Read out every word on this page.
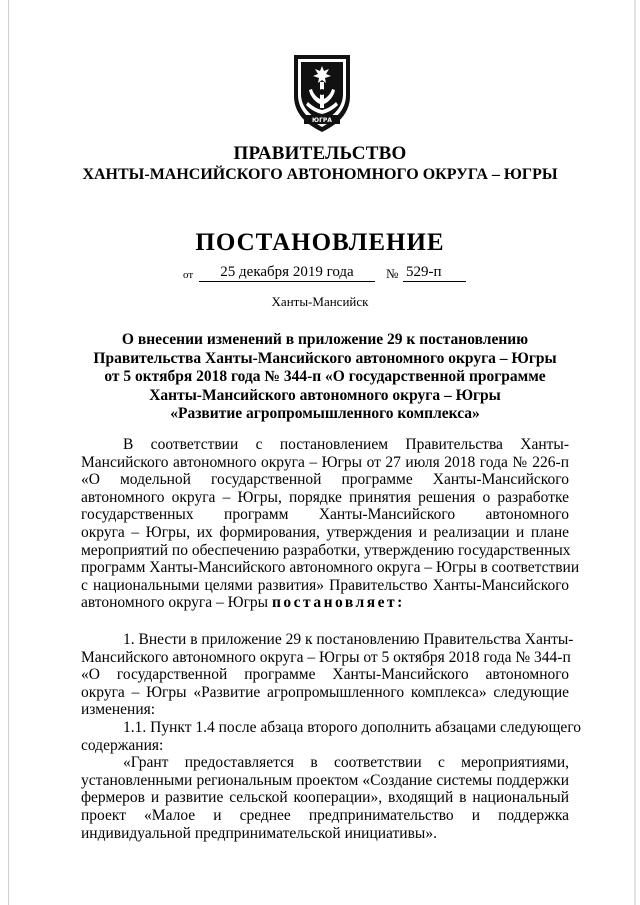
ЮГРА
ПРАВИТЕЛЬСТВО
ХАНТЫ-МАНСИЙСКОГО АВТОНОМНОГО ОКРУГА – ЮГРЫ
ПОСТАНОВЛЕНИЕ
от	25 декабря 2019 года	№ 529-п
Ханты-Мансийск
О внесении изменений в приложение 29 к постановлению
Правительства Ханты-Мансийского автономного округа – Югры
от 5 октября 2018 года № 344-п «О государственной программе
Ханты-Мансийского автономного округа – Югры
«Развитие агропромышленного комплекса»
В соответствии с постановлением Правительства Ханты-
Мансийского автономного округа – Югры от 27 июля 2018 года № 226-п
«О модельной государственной программе Ханты-Мансийского
автономного округа – Югры, порядке принятия решения о разработке
государственных программ Ханты-Мансийского автономного
округа – Югры, их формирования, утверждения и реализации и плане
мероприятий по обеспечению разработки, утверждению государственных
программ Ханты-Мансийского автономного округа – Югры в соответствии
с национальными целями развития» Правительство Ханты-Мансийского
автономного округа – Югры постановляет:
1. Внести в приложение 29 к постановлению Правительства Ханты-
Мансийского автономного округа – Югры от 5 октября 2018 года № 344-п
«О государственной программе Ханты-Мансийского автономного
округа – Югры «Развитие агропромышленного комплекса» следующие
изменения:
1.1. Пункт 1.4 после абзаца второго дополнить абзацами следующего
содержания:
«Грант предоставляется в соответствии с мероприятиями,
установленными региональным проектом «Создание системы поддержки
фермеров и развитие сельской кооперации», входящий в национальный
проект «Малое и среднее предпринимательство и поддержка
индивидуальной предпринимательской инициативы».
